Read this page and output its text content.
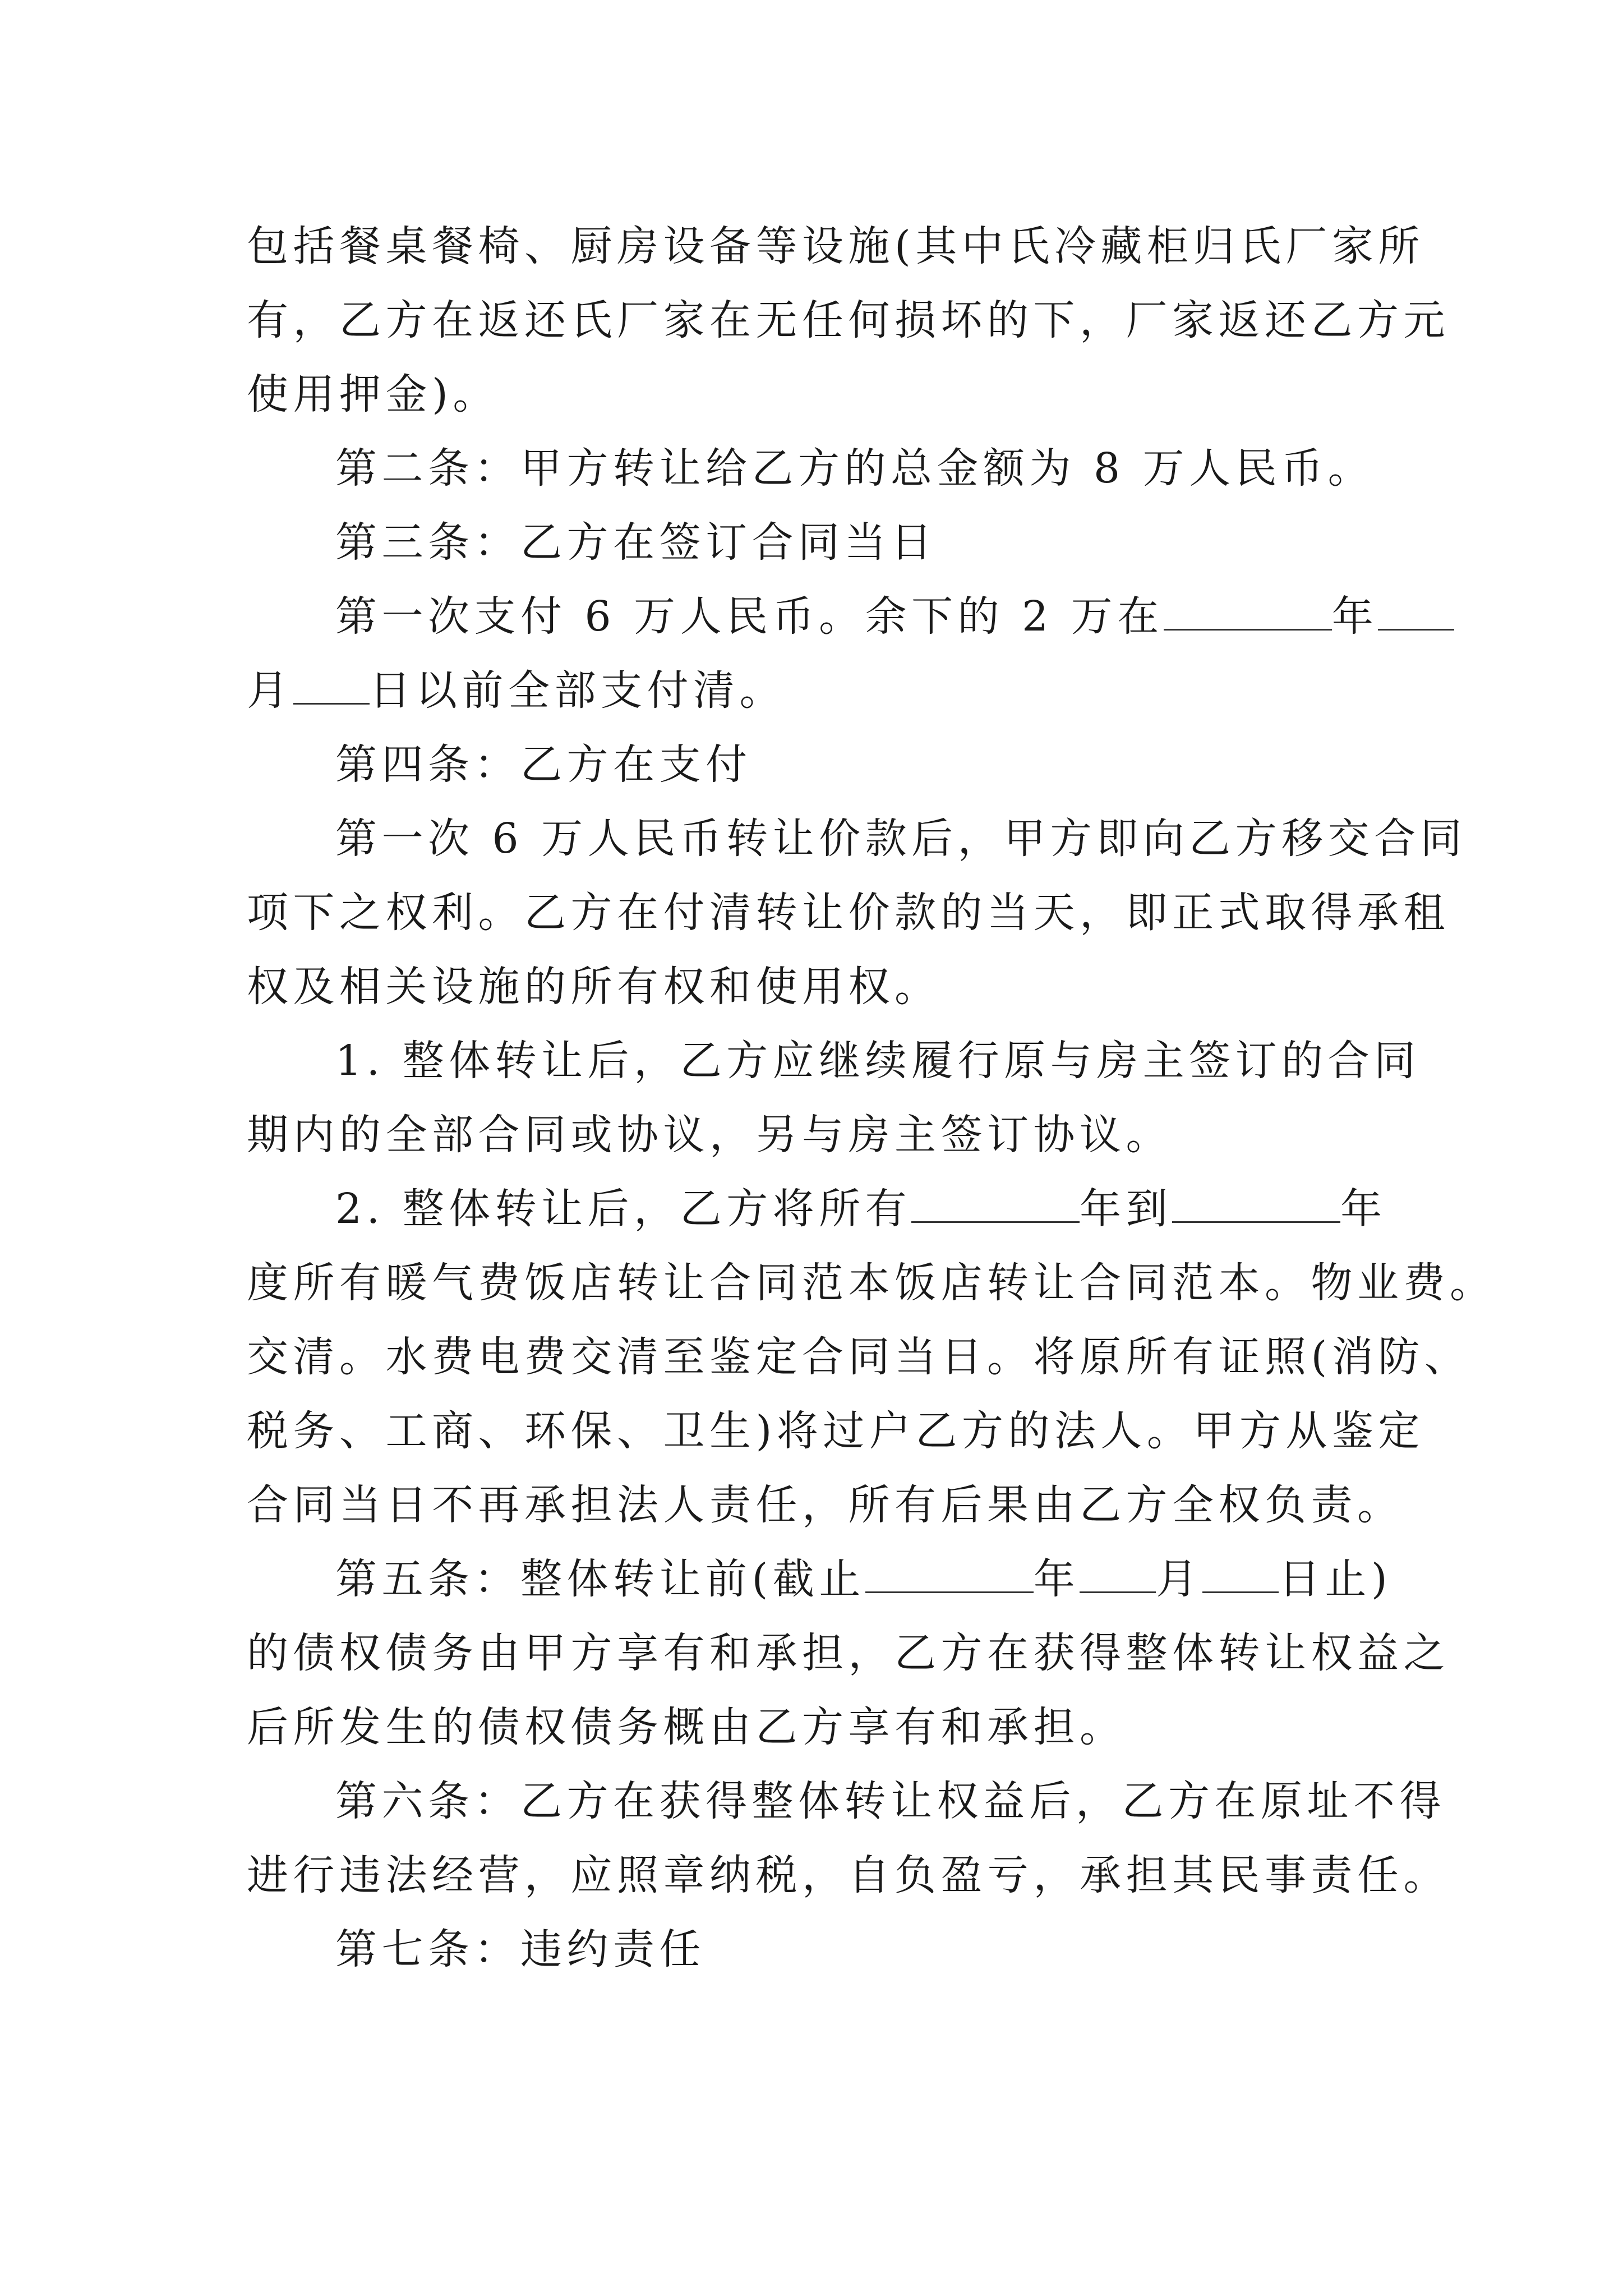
包括餐桌餐椅、厨房设备等设施(其中氏冷藏柜归氏厂家所
有，乙方在返还氏厂家在无任何损坏的下，厂家返还乙方元
使用押金)。
第二条：甲方转让给乙方的总金额为 8 万人民币。
第三条：乙方在签订合同当日
第一次支付 6 万人民币。余下的 2 万在	年
月 日以前全部支付清。
第四条：乙方在支付
第一次 6 万人民币转让价款后，甲方即向乙方移交合同
项下之权利。乙方在付清转让价款的当天，即正式取得承租
权及相关设施的所有权和使用权。
1. 整体转让后，乙方应继续履行原与房主签订的合同
期内的全部合同或协议，另与房主签订协议。
2. 整体转让后，乙方将所有	年到	年
度所有暖气费饭店转让合同范本饭店转让合同范本。物业费。
交清。水费电费交清至鉴定合同当日。将原所有证照(消防、
税务、工商、环保、卫生)将过户乙方的法人。甲方从鉴定
合同当日不再承担法人责任，所有后果由乙方全权负责。
第五条：整体转让前(截止	年 月 日止)
的债权债务由甲方享有和承担，乙方在获得整体转让权益之
后所发生的债权债务概由乙方享有和承担。
第六条：乙方在获得整体转让权益后，乙方在原址不得
进行违法经营，应照章纳税，自负盈亏，承担其民事责任。
第七条：违约责任
